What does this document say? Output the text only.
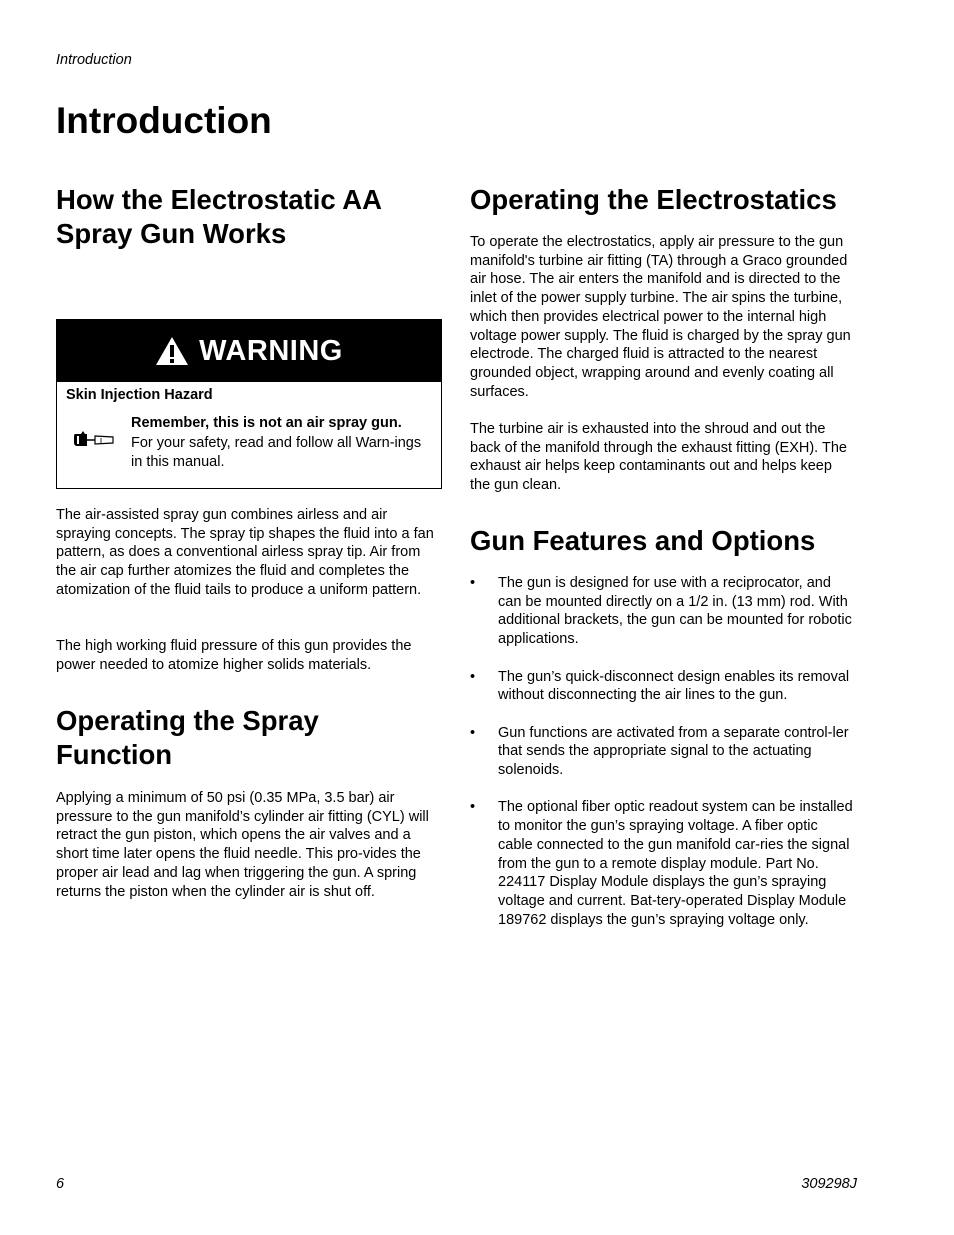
Introduction
Introduction
How the Electrostatic AA Spray Gun Works
WARNING
Skin Injection Hazard
Remember, this is not an air spray gun.
For your safety, read and follow all Warn-ings in this manual.

The air-assisted spray gun combines airless and air spraying concepts. The spray tip shapes the fluid into a fan pattern, as does a conventional airless spray tip. Air from the air cap further atomizes the fluid and completes the atomization of the fluid tails to produce a uniform pattern.

The high working fluid pressure of this gun provides the power needed to atomize higher solids materials.

Operating the Spray Function

Applying a minimum of 50 psi (0.35 MPa, 3.5 bar) air pressure to the gun manifold’s cylinder air fitting (CYL) will retract the gun piston, which opens the air valves and a short time later opens the fluid needle. This pro-vides the proper air lead and lag when triggering the gun. A spring returns the piston when the cylinder air is shut off.

Operating the Electrostatics

To operate the electrostatics, apply air pressure to the gun manifold's turbine air fitting (TA) through a Graco grounded air hose. The air enters the manifold and is directed to the inlet of the power supply turbine. The air spins the turbine, which then provides electrical power to the internal high voltage power supply. The fluid is charged by the spray gun electrode. The charged fluid is attracted to the nearest grounded object, wrapping around and evenly coating all surfaces.

The turbine air is exhausted into the shroud and out the back of the manifold through the exhaust fitting (EXH). The exhaust air helps keep contaminants out and helps keep the gun clean.

Gun Features and Options
• The gun is designed for use with a reciprocator, and can be mounted directly on a 1/2 in. (13 mm) rod. With additional brackets, the gun can be mounted for robotic applications.
• The gun’s quick-disconnect design enables its removal without disconnecting the air lines to the gun.
• Gun functions are activated from a separate control-ler that sends the appropriate signal to the actuating solenoids.
• The optional fiber optic readout system can be installed to monitor the gun’s spraying voltage. A fiber optic cable connected to the gun manifold car-ries the signal from the gun to a remote display module. Part No. 224117 Display Module displays the gun’s spraying voltage and current. Bat-tery-operated Display Module 189762 displays the gun’s spraying voltage only.
6	309298J
